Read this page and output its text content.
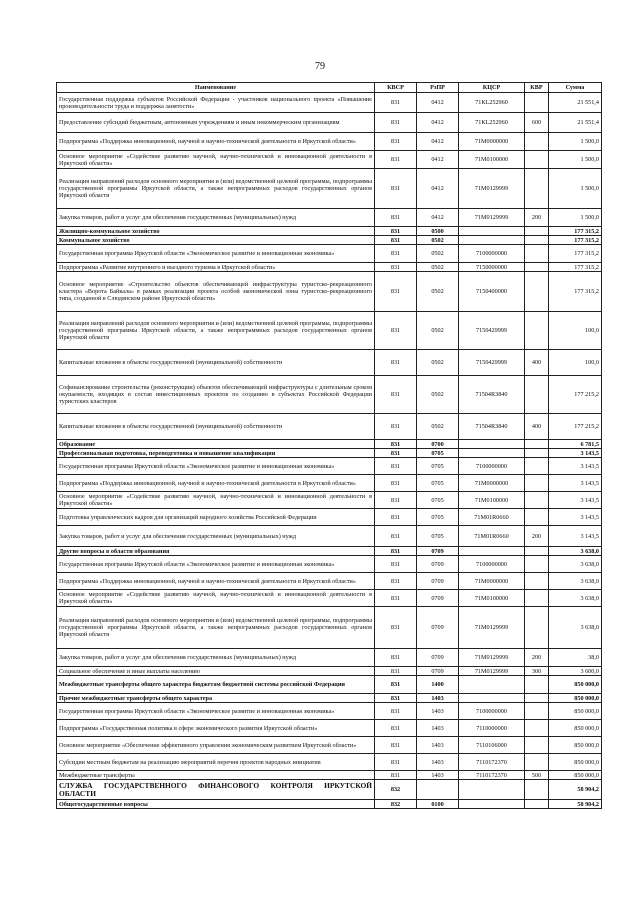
79
Наименование	КВСР	РзПР	КЦСР	КВР	Сумма
Государственная поддержка субъектов Российской Федерации - участников национального проекта «Повышение производительности труда и поддержка занятости»	831	0412	71КL252960		21 551,4
Предоставление субсидий бюджетным, автономным учреждениям и иным некоммерческим организациям	831	0412	71КL252960	600	21 551,4
Подпрограмма «Поддержка инновационной, научной и научно-технической деятельности в Иркутской области»	831	0412	71М0000000		1 500,0
Основное мероприятие «Содействие развитию научной, научно-технической и инновационной деятельности в Иркутской области»	831	0412	71М0100000		1 500,0
Реализация направлений расходов основного мероприятия и (или) ведомственной целевой программы, подпрограммы государственной программы Иркутской области, а также непрограммных расходов государственных органов Иркутской области	831	0412	71М0129999		1 500,0
Закупка товаров, работ и услуг для обеспечения государственных (муниципальных) нужд	831	0412	71М0129999	200	1 500,0
Жилищно-коммунальное хозяйство	831	0500			177 315,2
Коммунальное хозяйство	831	0502			177 315,2
Государственная программа Иркутской области «Экономическое развитие и инновационная экономика»	831	0502	7100000000		177 315,2
Подпрограмма «Развитие внутреннего и въездного туризма в Иркутской области»	831	0502	7150000000		177 315,2
Основное мероприятие «Строительство объектов обеспечивающей инфраструктуры туристско-рекреационного кластера «Ворота Байкала» в рамках реализации проекта особой экономической зоны туристско-рекреационного типа, созданной в Слюдянском районе Иркутской области»	831	0502	7150400000		177 315,2
Реализация направлений расходов основного мероприятия и (или) ведомственной целевой программы, подпрограммы государственной программы Иркутской области, а также непрограммных расходов государственных органов Иркутской области	831	0502	7150429999		100,0
Капитальные вложения в объекты государственной (муниципальной) собственности	831	0502	7150429999	400	100,0
Софинансирование строительства (реконструкции) объектов обеспечивающей инфраструктуры с длительным сроком окупаемости, входящих в состав инвестиционных проектов по созданию в субъектах Российской Федерации туристских кластеров	831	0502	71504R3840		177 215,2
Капитальные вложения в объекты государственной (муниципальной) собственности	831	0502	71504R3840	400	177 215,2
Образование	831	0700			6 781,5
Профессиональная подготовка, переподготовка и повышение квалификации	831	0705			3 143,5
Государственная программа Иркутской области «Экономическое развитие и инновационная экономика»	831	0705	7100000000		3 143,5
Подпрограмма «Поддержка инновационной, научной и научно-технической деятельности в Иркутской области»	831	0705	71М0000000		3 143,5
Основное мероприятие «Содействие развитию научной, научно-технической и инновационной деятельности в Иркутской области»	831	0705	71М0100000		3 143,5
Подготовка управленческих кадров для организаций народного хозяйства Российской Федерации	831	0705	71М01R0660		3 143,5
Закупка товаров, работ и услуг для обеспечения государственных (муниципальных) нужд	831	0705	71М01R0660	200	3 143,5
Другие вопросы в области образования	831	0709			3 638,0
Государственная программа Иркутской области «Экономическое развитие и инновационная экономика»	831	0709	7100000000		3 638,0
Подпрограмма «Поддержка инновационной, научной и научно-технической деятельности в Иркутской области»	831	0709	71М0000000		3 638,0
Основное мероприятие «Содействие развитию научной, научно-технической и инновационной деятельности в Иркутской области»	831	0709	71М0100000		3 638,0
Реализация направлений расходов основного мероприятия и (или) ведомственной целевой программы, подпрограммы государственной программы Иркутской области, а также непрограммных расходов государственных органов Иркутской области	831	0709	71М0129999		3 638,0
Закупка товаров, работ и услуг для обеспечения государственных (муниципальных) нужд	831	0709	71М0129999	200	38,0
Социальное обеспечение и иные выплаты населению	831	0709	71М0129999	300	3 600,0
Межбюджетные трансферты общего характера бюджетам бюджетной системы российской Федерации	831	1400			850 000,0
Прочие межбюджетные трансферты общего характера	831	1403			850 000,0
Государственная программа Иркутской области «Экономическое развитие и инновационная экономика»	831	1403	7100000000		850 000,0
Подпрограмма «Государственная политика в сфере экономического развития Иркутской области»	831	1403	7110000000		850 000,0
Основное мероприятие «Обеспечение эффективного управления экономическим развитием Иркутской области»	831	1403	7110106000		850 000,0
Субсидии местным бюджетам на реализацию мероприятий перечня проектов народных инициатив	831	1403	7110172370		850 000,0
Межбюджетные трансферты	831	1403	7110172370	500	850 000,0
СЛУЖБА ГОСУДАРСТВЕННОГО ФИНАНСОВОГО КОНТРОЛЯ ИРКУТСКОЙ ОБЛАСТИ	832				58 904,2
Общегосударственные вопросы	832	0100			58 904,2
